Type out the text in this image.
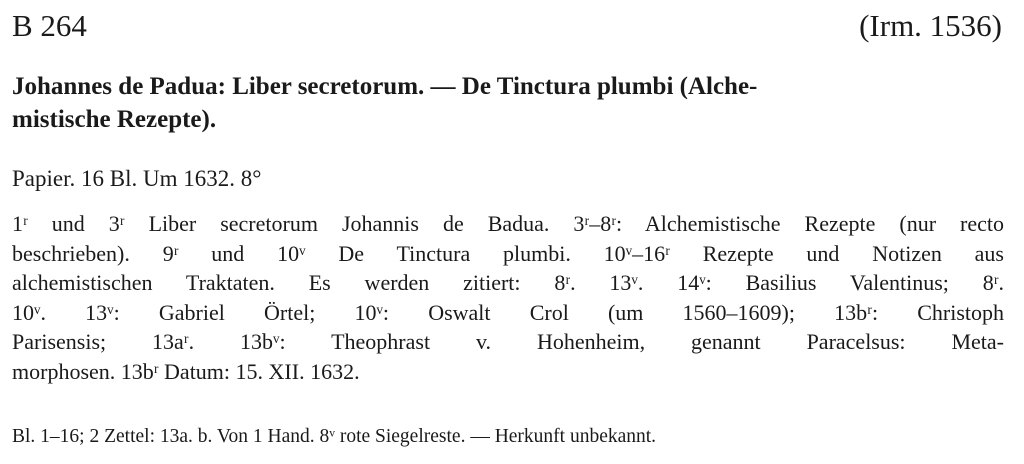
B 264	(Irm. 1536)
Johannes de Padua: Liber secretorum. — De Tinctura plumbi (Alche-
mistische Rezepte).
Papier. 16 Bl. Um 1632. 8°
1ʳ und 3ʳ Liber secretorum Johannis de Badua. 3ʳ–8ʳ: Alchemistische Rezepte (nur recto
beschrieben). 9ʳ und 10ᵛ De Tinctura plumbi. 10ᵛ–16ʳ Rezepte und Notizen aus
alchemistischen Traktaten. Es werden zitiert: 8ʳ. 13ᵛ. 14ᵛ: Basilius Valentinus; 8ʳ.
10ᵛ. 13ᵛ: Gabriel Örtel; 10ᵛ: Oswalt Crol (um 1560–1609); 13bʳ: Christoph
Parisensis; 13aʳ. 13bᵛ: Theophrast v. Hohenheim, genannt Paracelsus: Meta-
morphosen. 13bʳ Datum: 15. XII. 1632.
Bl. 1–16; 2 Zettel: 13a. b. Von 1 Hand. 8ᵛ rote Siegelreste. — Herkunft unbekannt.
